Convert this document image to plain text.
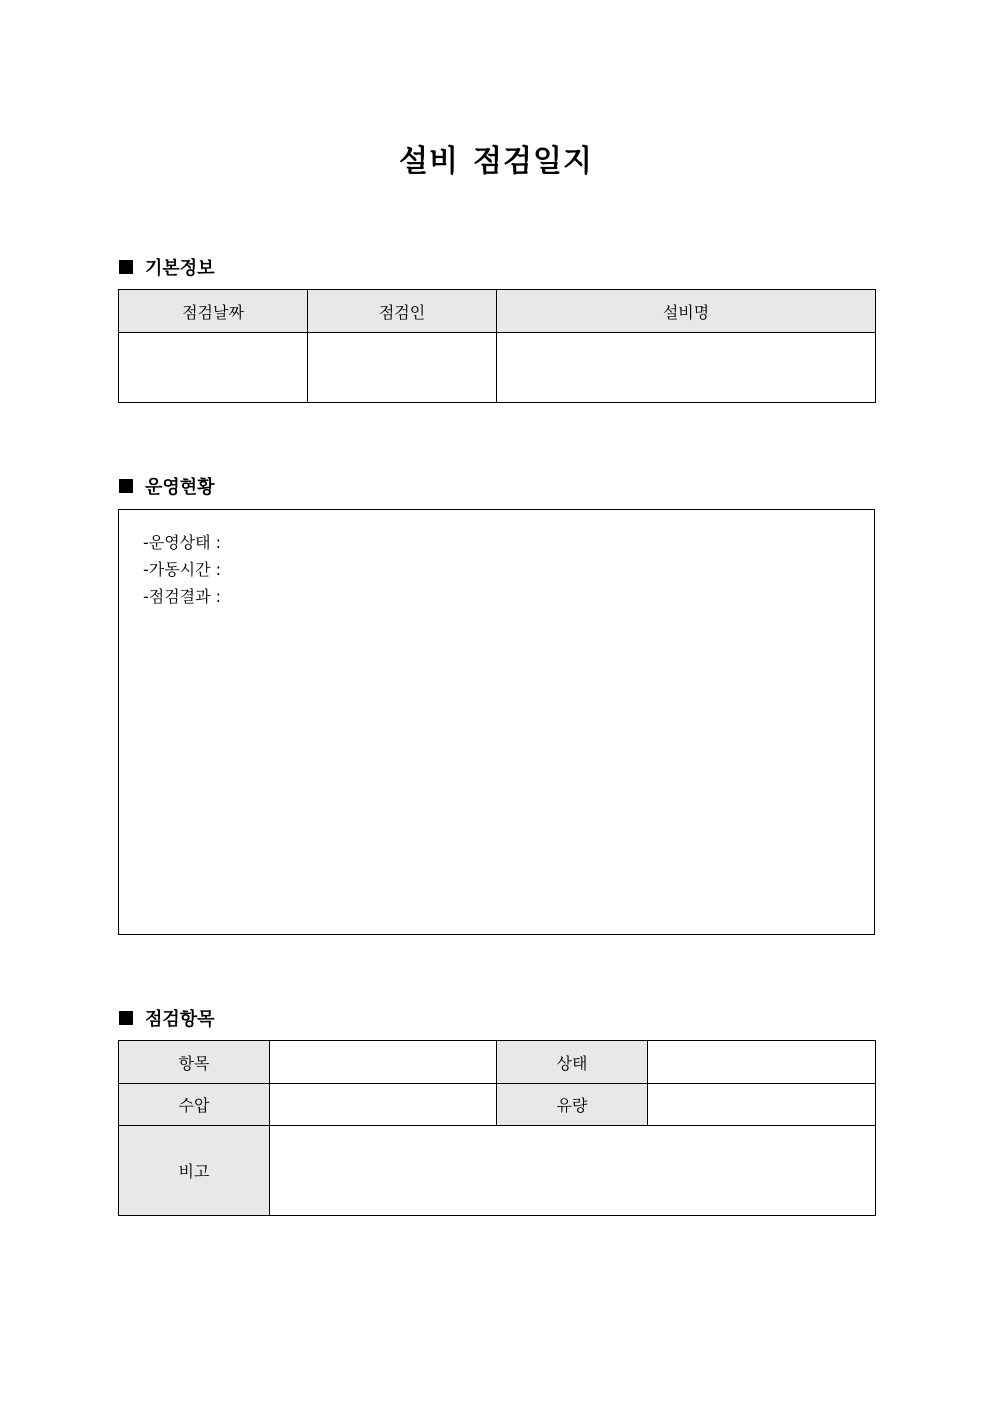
설비 점검일지
기본정보
점검날짜	점검인	설비명

운영현황
-운영상태 :
-가동시간 :
-점검결과 :
점검항목
항목		상태	
수압		유량	
비고			
